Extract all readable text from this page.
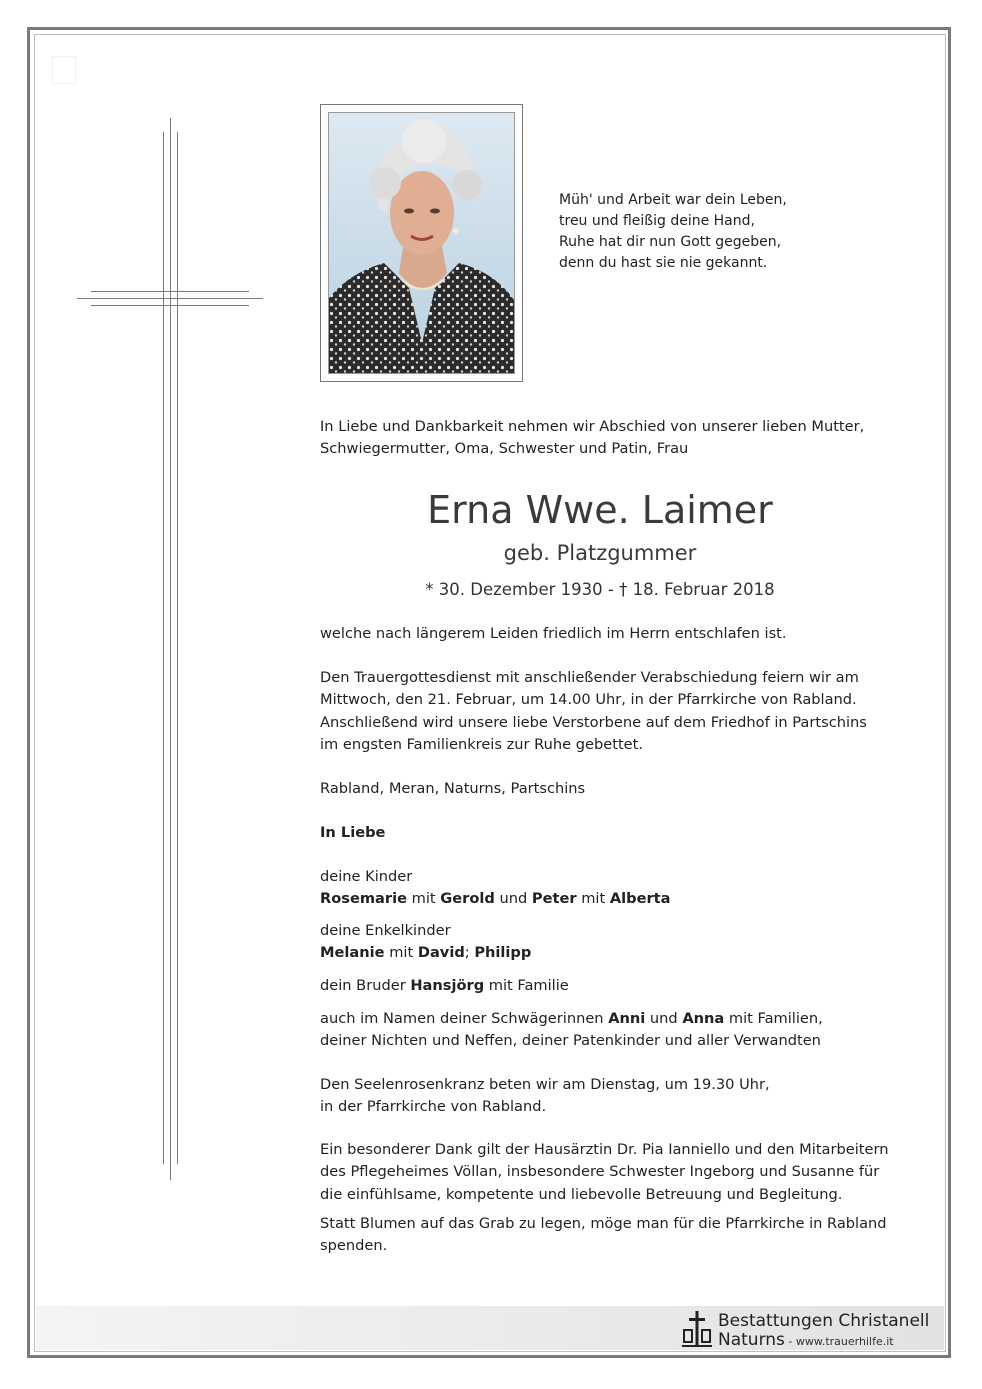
Müh' und Arbeit war dein Leben,
treu und fleißig deine Hand,
Ruhe hat dir nun Gott gegeben,
denn du hast sie nie gekannt.
In Liebe und Dankbarkeit nehmen wir Abschied von unserer lieben Mutter,
Schwiegermutter, Oma, Schwester und Patin, Frau
Erna Wwe. Laimer
geb. Platzgummer
* 30. Dezember 1930 - † 18. Februar 2018
welche nach längerem Leiden friedlich im Herrn entschlafen ist.
Den Trauergottesdienst mit anschließender Verabschiedung feiern wir am
Mittwoch, den 21. Februar, um 14.00 Uhr, in der Pfarrkirche von Rabland.
Anschließend wird unsere liebe Verstorbene auf dem Friedhof in Partschins
im engsten Familienkreis zur Ruhe gebettet.
Rabland, Meran, Naturns, Partschins
In Liebe
deine Kinder
Rosemarie mit Gerold und Peter mit Alberta
deine Enkelkinder
Melanie mit David; Philipp
dein Bruder Hansjörg mit Familie
auch im Namen deiner Schwägerinnen Anni und Anna mit Familien,
deiner Nichten und Neffen, deiner Patenkinder und aller Verwandten
Den Seelenrosenkranz beten wir am Dienstag, um 19.30 Uhr,
in der Pfarrkirche von Rabland.
Ein besonderer Dank gilt der Hausärztin Dr. Pia Ianniello und den Mitarbeitern
des Pflegeheimes Völlan, insbesondere Schwester Ingeborg und Susanne für
die einfühlsame, kompetente und liebevolle Betreuung und Begleitung.
Statt Blumen auf das Grab zu legen, möge man für die Pfarrkirche in Rabland
spenden.
Bestattungen Christanell
Naturns - www.trauerhilfe.it
